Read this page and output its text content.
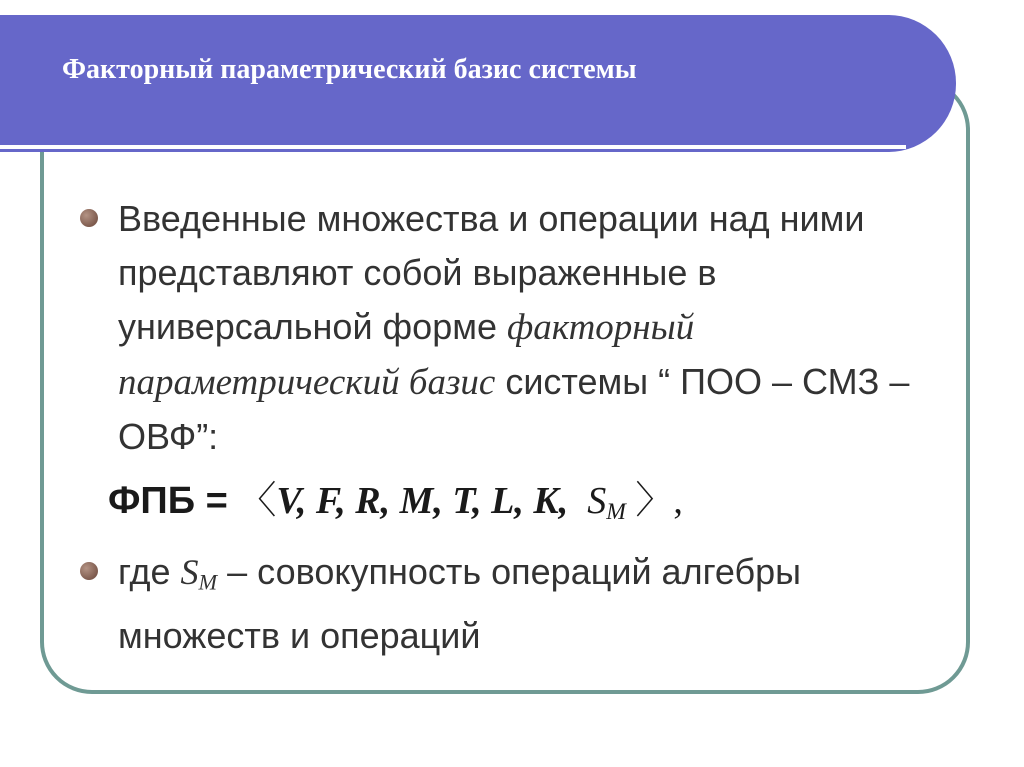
Факторный параметрический базис системы

Введенные множества и операции над ними представляют собой выраженные в универсальной форме факторный параметрический базис системы “ ПОО – СМЗ – ОВФ”:

ФПБ = 〈V, F, R, M, T, L, K, $S_M$ 〉,

где $S_M$ – совокупность операций алгебры множеств и операций
